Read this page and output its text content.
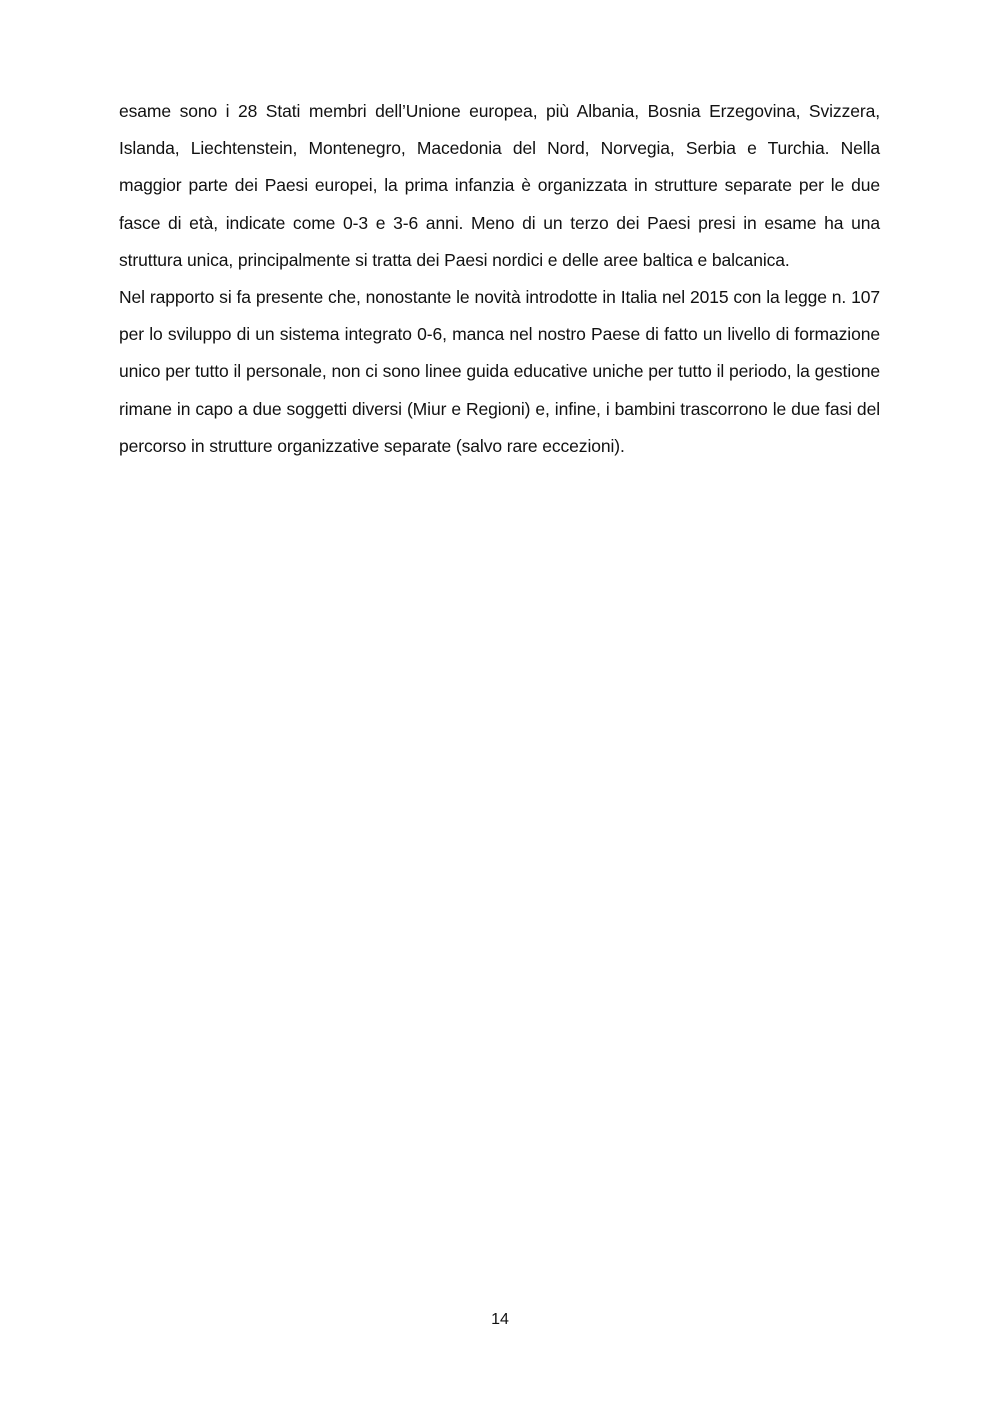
esame sono i 28 Stati membri dell’Unione europea, più Albania, Bosnia Erzegovina, Svizzera, Islanda, Liechtenstein, Montenegro, Macedonia del Nord, Norvegia, Serbia e Turchia. Nella maggior parte dei Paesi europei, la prima infanzia è organizzata in strutture separate per le due fasce di età, indicate come 0-3 e 3-6 anni. Meno di un terzo dei Paesi presi in esame ha una struttura unica, principalmente si tratta dei Paesi nordici e delle aree baltica e balcanica.

Nel rapporto si fa presente che, nonostante le novità introdotte in Italia nel 2015 con la legge n. 107 per lo sviluppo di un sistema integrato 0-6, manca nel nostro Paese di fatto un livello di formazione unico per tutto il personale, non ci sono linee guida educative uniche per tutto il periodo, la gestione rimane in capo a due soggetti diversi (Miur e Regioni) e, infine, i bambini trascorrono le due fasi del percorso in strutture organizzative separate (salvo rare eccezioni).

14
